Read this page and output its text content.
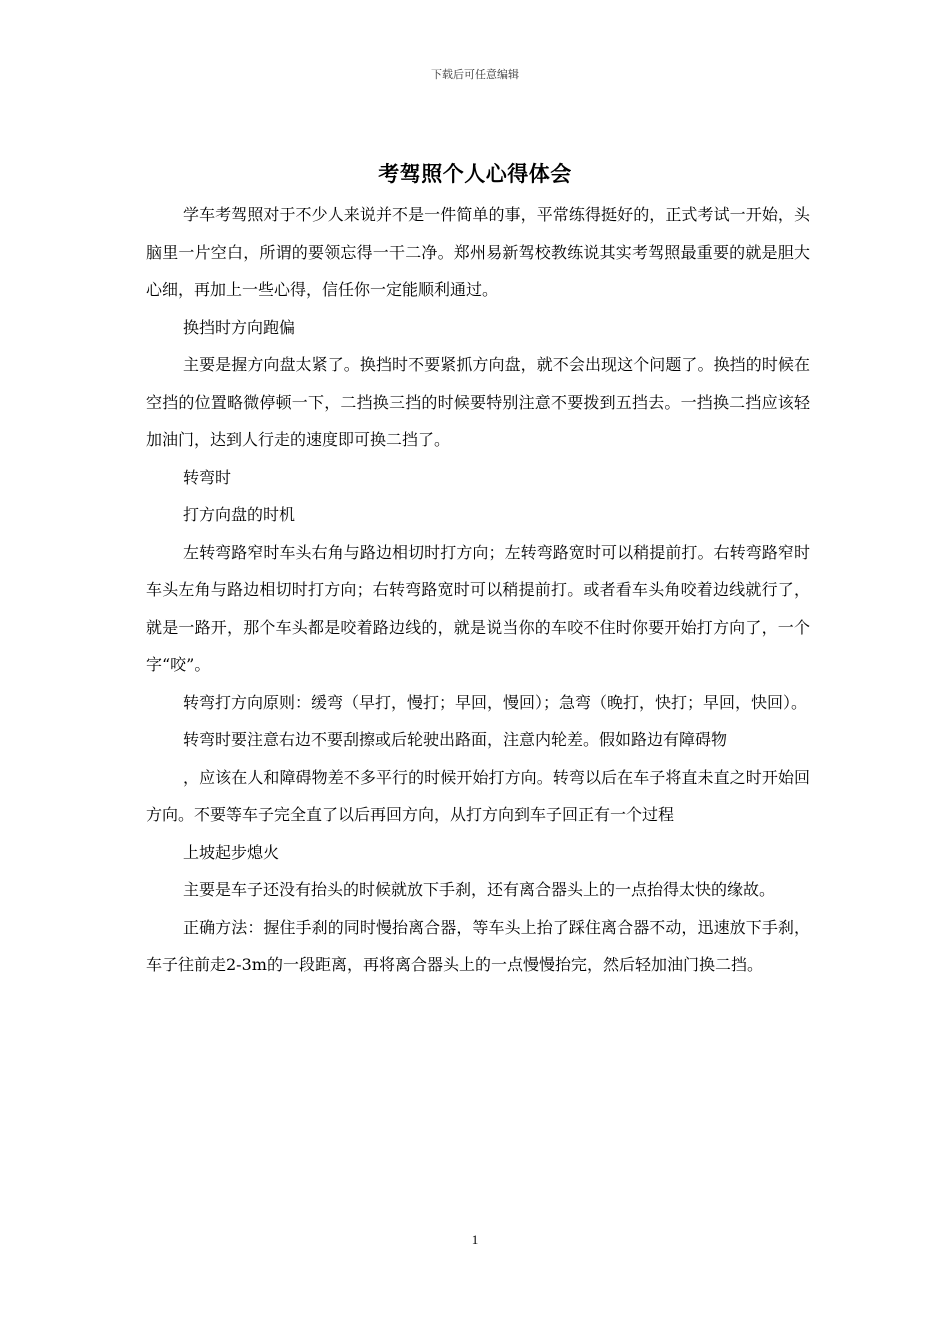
下载后可任意编辑
考驾照个人心得体会

学车考驾照对于不少人来说并不是一件简单的事，平常练得挺好的，正式考试一开始，头脑里一片空白，所谓的要领忘得一干二净。郑州易新驾校教练说其实考驾照最重要的就是胆大心细，再加上一些心得，信任你一定能顺利通过。

换挡时方向跑偏

主要是握方向盘太紧了。换挡时不要紧抓方向盘，就不会出现这个问题了。换挡的时候在空挡的位置略微停顿一下，二挡换三挡的时候要特别注意不要拨到五挡去。一挡换二挡应该轻加油门，达到人行走的速度即可换二挡了。

转弯时

打方向盘的时机

左转弯路窄时车头右角与路边相切时打方向；左转弯路宽时可以稍提前打。右转弯路窄时车头左角与路边相切时打方向；右转弯路宽时可以稍提前打。或者看车头角咬着边线就行了，就是一路开，那个车头都是咬着路边线的，就是说当你的车咬不住时你要开始打方向了，一个字“咬”。

转弯打方向原则：缓弯（早打，慢打；早回，慢回）；急弯（晚打，快打；早回，快回）。

转弯时要注意右边不要刮擦或后轮驶出路面，注意内轮差。假如路边有障碍物

，应该在人和障碍物差不多平行的时候开始打方向。转弯以后在车子将直未直之时开始回方向。不要等车子完全直了以后再回方向，从打方向到车子回正有一个过程

上坡起步熄火

主要是车子还没有抬头的时候就放下手刹，还有离合器头上的一点抬得太快的缘故。

正确方法：握住手刹的同时慢抬离合器，等车头上抬了踩住离合器不动，迅速放下手刹，车子往前走2-3m的一段距离，再将离合器头上的一点慢慢抬完，然后轻加油门换二挡。

1
